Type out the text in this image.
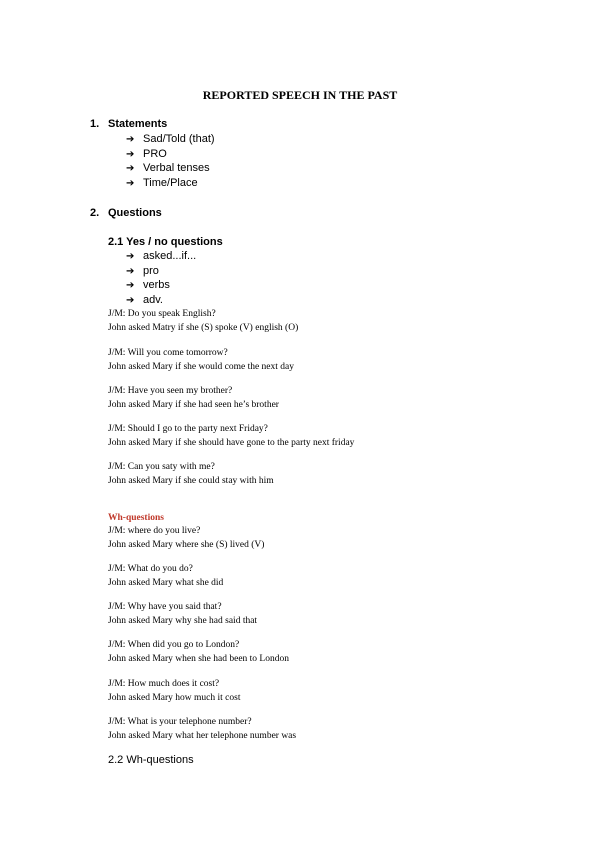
REPORTED SPEECH IN THE PAST
1. Statements
➔ Sad/Told (that)
➔ PRO
➔ Verbal tenses
➔ Time/Place
2. Questions
2.1 Yes / no questions
➔ asked...if...
➔ pro
➔ verbs
➔ adv.
J/M: Do you speak English?
John asked Matry if she (S) spoke (V) english (O)
J/M: Will you come tomorrow?
John asked Mary if she would come the next day
J/M: Have you seen my brother?
John asked Mary if she had seen he’s brother
J/M: Should I go to the party next Friday?
John asked Mary if she should have gone to the party next friday
J/M: Can you saty with me?
John asked Mary if she could stay with him
Wh-questions
J/M: where do you live?
John asked Mary where she (S) lived (V)
J/M: What do you do?
John asked Mary what she did
J/M: Why have you said that?
John asked Mary why she had said that
J/M: When did you go to London?
John asked Mary when she had been to London
J/M: How much does it cost?
John asked Mary how much it cost
J/M: What is your telephone number?
John asked Mary what her telephone number was
2.2 Wh-questions
